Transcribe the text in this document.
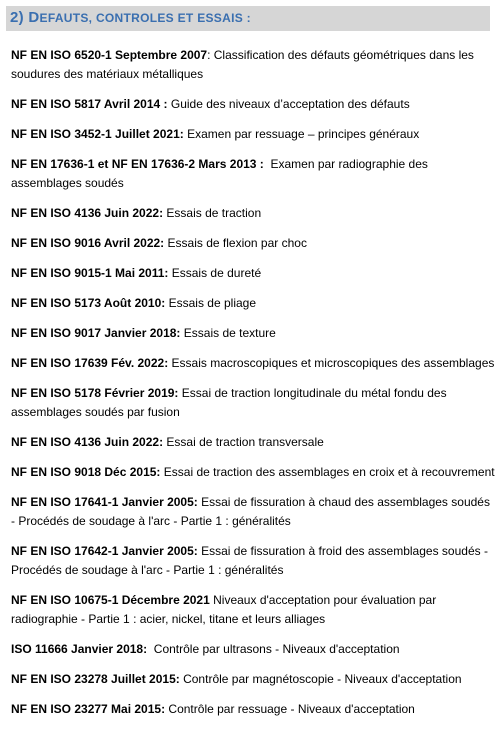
2) DEFAUTS, CONTROLES ET ESSAIS :
NF EN ISO 6520-1 Septembre 2007: Classification des défauts géométriques dans les soudures des matériaux métalliques
NF EN ISO 5817 Avril 2014 : Guide des niveaux d’acceptation des défauts
NF EN ISO 3452-1 Juillet 2021: Examen par ressuage – principes généraux
NF EN 17636-1 et NF EN 17636-2 Mars 2013 : Examen par radiographie des assemblages soudés
NF EN ISO 4136 Juin 2022: Essais de traction
NF EN ISO 9016 Avril 2022: Essais de flexion par choc
NF EN ISO 9015-1 Mai 2011: Essais de dureté
NF EN ISO 5173 Août 2010: Essais de pliage
NF EN ISO 9017 Janvier 2018: Essais de texture
NF EN ISO 17639 Fév. 2022: Essais macroscopiques et microscopiques des assemblages
NF EN ISO 5178 Février 2019: Essai de traction longitudinale du métal fondu des assemblages soudés par fusion
NF EN ISO 4136 Juin 2022: Essai de traction transversale
NF EN ISO 9018 Déc 2015: Essai de traction des assemblages en croix et à recouvrement
NF EN ISO 17641-1 Janvier 2005: Essai de fissuration à chaud des assemblages soudés - Procédés de soudage à l'arc - Partie 1 : généralités
NF EN ISO 17642-1 Janvier 2005: Essai de fissuration à froid des assemblages soudés - Procédés de soudage à l'arc - Partie 1 : généralités
NF EN ISO 10675-1 Décembre 2021 Niveaux d'acceptation pour évaluation par radiographie - Partie 1 : acier, nickel, titane et leurs alliages
ISO 11666 Janvier 2018: Contrôle par ultrasons - Niveaux d'acceptation
NF EN ISO 23278 Juillet 2015: Contrôle par magnétoscopie - Niveaux d'acceptation
NF EN ISO 23277 Mai 2015: Contrôle par ressuage - Niveaux d'acceptation
